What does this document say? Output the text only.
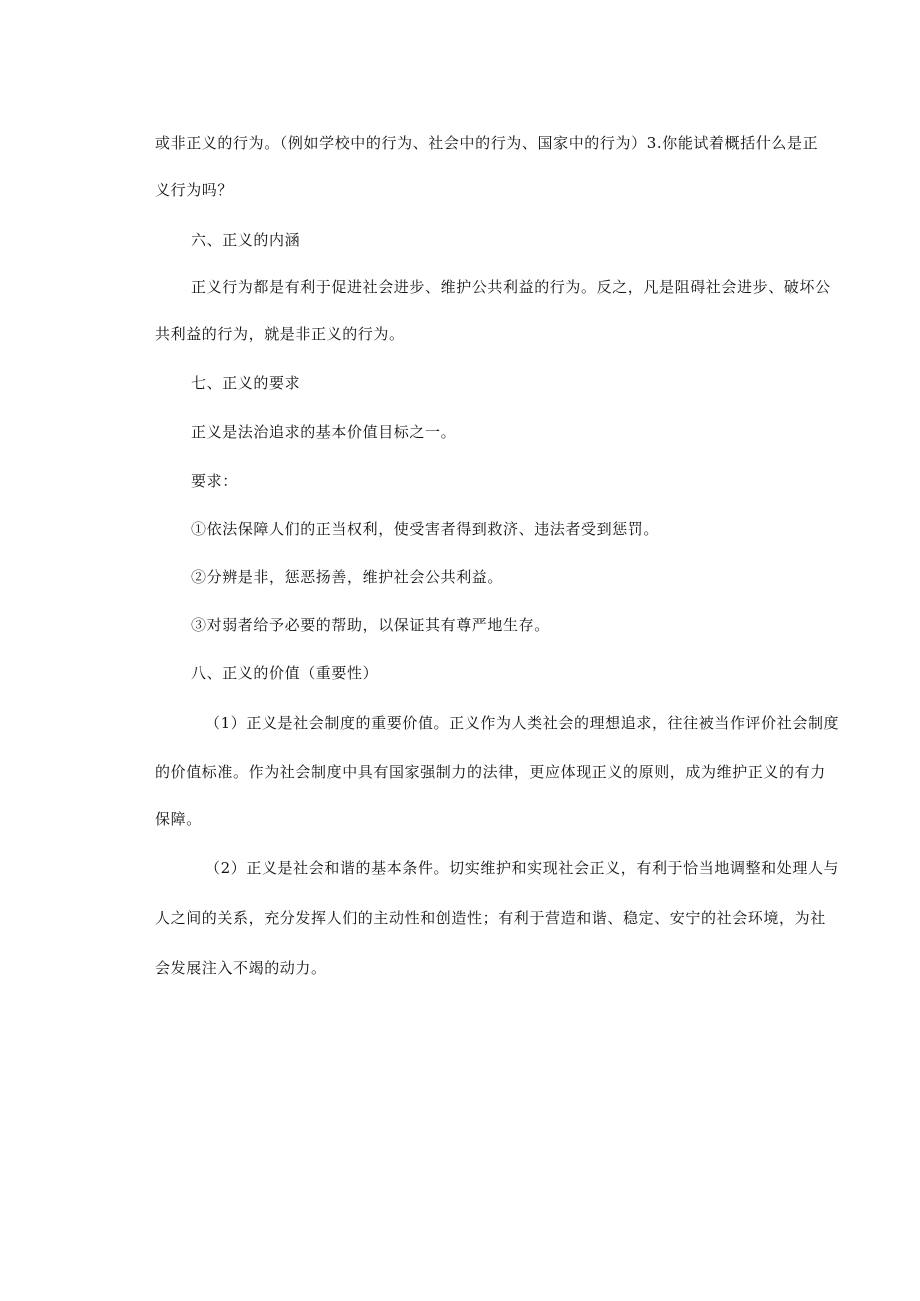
或非正义的行为。（例如学校中的行为、社会中的行为、国家中的行为）3.你能试着概括什么是正
义行为吗？
六、正义的内涵
正义行为都是有利于促进社会进步、维护公共利益的行为。反之，凡是阻碍社会进步、破坏公
共利益的行为，就是非正义的行为。
七、正义的要求
正义是法治追求的基本价值目标之一。
要求：
①依法保障人们的正当权利，使受害者得到救济、违法者受到惩罚。
②分辨是非，惩恶扬善，维护社会公共利益。
③对弱者给予必要的帮助，以保证其有尊严地生存。
八、正义的价值（重要性）
（1）正义是社会制度的重要价值。正义作为人类社会的理想追求，往往被当作评价社会制度
的价值标准。作为社会制度中具有国家强制力的法律，更应体现正义的原则，成为维护正义的有力
保障。
（2）正义是社会和谐的基本条件。切实维护和实现社会正义，有利于恰当地调整和处理人与
人之间的关系，充分发挥人们的主动性和创造性；有利于营造和谐、稳定、安宁的社会环境，为社
会发展注入不竭的动力。
